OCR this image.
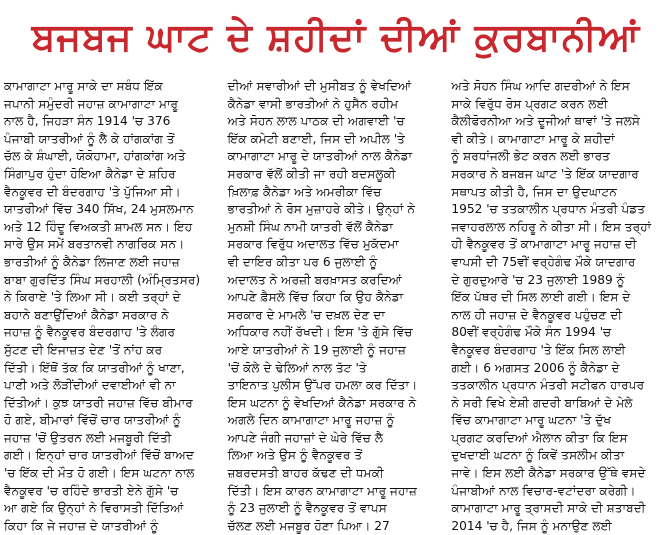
ਬਜਬਜ ਘਾਟ ਦੇ ਸ਼ਹੀਦਾਂ ਦੀਆਂ ਕੁਰਬਾਨੀਆਂ
ਕਾਮਾਗਾਟਾ ਮਾਰੂ ਸਾਕੇ ਦਾ ਸਬੰਧ ਇੱਕ
ਜਪਾਨੀ ਸਮੁੰਦਰੀ ਜਹਾਜ਼ ਕਾਮਾਗਾਟਾ ਮਾਰੂ
ਨਾਲ ਹੈ, ਜਿਹੜਾ ਸੰਨ 1914 'ਚ 376
ਪੰਜਾਬੀ ਯਾਤਰੀਆਂ ਨੂੰ ਲੈ ਕੇ ਹਾਂਗਕਾਂਗ ਤੋਂ
ਚੱਲ ਕੇ ਸ਼ੰਘਾਈ, ਯੋਕੋਹਾਮਾ, ਹਾਂਗਕਾਂਗ ਅਤੇ
ਸਿੰਗਾਪੁਰ ਹੁੰਦਾ ਹੋਇਆ ਕੈਨੇਡਾ ਦੇ ਸ਼ਹਿਰ
ਵੈਨਕੂਵਰ ਦੀ ਬੰਦਰਗਾਹ 'ਤੇ ਪੁੱਜਿਆ ਸੀ।
ਯਾਤਰੀਆਂ ਵਿੱਚ 340 ਸਿੱਖ, 24 ਮੁਸਲਮਾਨ
ਅਤੇ 12 ਹਿੰਦੂ ਵਿਅਕਤੀ ਸ਼ਾਮਲ ਸਨ। ਇਹ
ਸਾਰੇ ਉਸ ਸਮੇਂ ਬਰਤਾਨਵੀ ਨਾਗਰਿਕ ਸਨ।
ਭਾਰਤੀਆਂ ਨੂੰ ਕੈਨੇਡਾ ਲਿਜਾਣ ਲਈ ਜਹਾਜ਼
ਬਾਬਾ ਗੁਰਦਿੱਤ ਸਿੰਘ ਸਰਹਾਲੀ (ਅੰਮ੍ਰਿਤਸਰ)
ਨੇ ਕਿਰਾਏ 'ਤੇ ਲਿਆ ਸੀ। ਕਈ ਤਰ੍ਹਾਂ ਦੇ
ਬਹਾਨੇ ਬਣਾਉਂਦਿਆਂ ਕੈਨੇਡਾ ਸਰਕਾਰ ਨੇ
ਜਹਾਜ਼ ਨੂੰ ਵੈਨਕੂਵਰ ਬੰਦਰਗਾਹ 'ਤੇ ਲੰਗਰ
ਸੁੱਟਣ ਦੀ ਇਜਾਜ਼ਤ ਦੇਣ 'ਤੋਂ ਨਾਂਹ ਕਰ
ਦਿੱਤੀ। ਇੱਥੋਂ ਤੱਕ ਕਿ ਯਾਤਰੀਆਂ ਨੂੰ ਖਾਣਾ,
ਪਾਣੀ ਅਤੇ ਲੋੜੀਂਦੀਆਂ ਦਵਾਈਆਂ ਵੀ ਨਾ
ਦਿੱਤੀਆਂ। ਕੁਝ ਯਾਤਰੀ ਜਹਾਜ਼ ਵਿੱਚ ਬੀਮਾਰ
ਹੋ ਗਏ, ਬੀਮਾਰਾਂ ਵਿੱਚੋਂ ਚਾਰ ਯਾਤਰੀਆਂ ਨੂੰ
ਜਹਾਜ਼ 'ਚੋਂ ਉਤਰਨ ਲਈ ਮਜਬੂਰੀ ਦਿੱਤੀ
ਗਈ। ਇਨ੍ਹਾਂ ਚਾਰ ਯਾਤਰੀਆਂ ਵਿੱਚੋਂ ਬਾਅਦ
'ਚ ਇੱਕ ਦੀ ਮੌਤ ਹੋ ਗਈ। ਇਸ ਘਟਨਾ ਨਾਲ
ਵੈਨਕੂਵਰ 'ਚ ਰਹਿੰਦੇ ਭਾਰਤੀ ਏਨੇ ਗੁੱਸੇ 'ਚ
ਆ ਗਏ ਕਿ ਉਨ੍ਹਾਂ ਨੇ ਵਿਰਾਸਤੀ ਦਿੱਤਿਆਂ
ਕਿਹਾ ਕਿ ਜੇ ਜਹਾਜ਼ ਦੇ ਯਾਤਰੀਆਂ ਨੂੰ
ਦੀਆਂ ਸਵਾਰੀਆਂ ਦੀ ਮੁਸੀਬਤ ਨੂੰ ਵੇਖਦਿਆਂ
ਕੈਨੇਡਾ ਵਾਸੀ ਭਾਰਤੀਆਂ ਨੇ ਹੁਸੈਨ ਰਹੀਮ
ਅਤੇ ਸੋਹਨ ਲਾਲ ਪਾਠਕ ਦੀ ਅਗਵਾਈ 'ਚ
ਇੱਕ ਕਮੇਟੀ ਬਣਾਈ, ਜਿਸ ਦੀ ਅਪੀਲ 'ਤੇ
ਕਾਮਾਗਾਟਾ ਮਾਰੂ ਦੇ ਯਾਤਰੀਆਂ ਨਾਲ ਕੈਨੇਡਾ
ਸਰਕਾਰ ਵੱਲੋਂ ਕੀਤੀ ਜਾ ਰਹੀ ਬਦਸਲੂਕੀ
ਖ਼ਿਲਾਫ਼ ਕੈਨੇਡਾ ਅਤੇ ਅਮਰੀਕਾ ਵਿੱਚ
ਭਾਰਤੀਆਂ ਨੇ ਰੋਸ ਮੁਜ਼ਾਹਰੇ ਕੀਤੇ। ਉਨ੍ਹਾਂ ਨੇ
ਮੁਨਸ਼ੀ ਸਿੰਘ ਨਾਮੀ ਯਾਤਰੀ ਵੱਲੋਂ ਕੈਨੇਡਾ
ਸਰਕਾਰ ਵਿਰੁੱਧ ਅਦਾਲਤ ਵਿੱਚ ਮੁਕੱਦਮਾ
ਵੀ ਦਾਇਰ ਕੀਤਾ ਪਰ 6 ਜੁਲਾਈ ਨੂੰ
ਅਦਾਲਤ ਨੇ ਅਰਜ਼ੀ ਬਰਖ਼ਾਸਤ ਕਰਦਿਆਂ
ਆਪਣੇ ਫ਼ੈਸਲੇ ਵਿੱਚ ਕਿਹਾ ਕਿ ਉਹ ਕੈਨੇਡਾ
ਸਰਕਾਰ ਦੇ ਮਾਮਲੇ 'ਚ ਦਖ਼ਲ ਦੇਣ ਦਾ
ਅਧਿਕਾਰ ਨਹੀਂ ਰੱਖਦੀ। ਇਸ 'ਤੇ ਗੁੱਸੇ ਵਿੱਚ
ਆਏ ਯਾਤਰੀਆਂ ਨੇ 19 ਜੁਲਾਈ ਨੂੰ ਜਹਾਜ਼
'ਚੋਂ ਕੋਲੇ ਦੇ ਢੇਲਿਆਂ ਨਾਲ ਤੱਟ 'ਤੇ
ਤਾਇਨਾਤ ਪੁਲੀਸ ਉੱਪਰ ਹਮਲਾ ਕਰ ਦਿੱਤਾ।
ਇਸ ਘਟਨਾ ਨੂੰ ਵੇਖਦਿਆਂ ਕੈਨੇਡਾ ਸਰਕਾਰ ਨੇ
ਅਗਲੇ ਦਿਨ ਕਾਮਾਗਾਟਾ ਮਾਰੂ ਜਹਾਜ਼ ਨੂੰ
ਆਪਣੇ ਜੰਗੀ ਜਹਾਜ਼ਾਂ ਦੇ ਘੇਰੇ ਵਿੱਚ ਲੈ
ਲਿਆ ਅਤੇ ਉਸ ਨੂੰ ਵੈਨਕੂਵਰ ਤੋਂ
ਜ਼ਬਰਦਸਤੀ ਬਾਹਰ ਕੱਢਣ ਦੀ ਧਮਕੀ
ਦਿੱਤੀ। ਇਸ ਕਾਰਨ ਕਾਮਾਗਾਟਾ ਮਾਰੂ ਜਹਾਜ਼
ਨੂੰ 23 ਜੁਲਾਈ ਨੂੰ ਵੈਨਕੂਵਰ ਤੋਂ ਵਾਪਸ
ਚੱਲਣ ਲਈ ਮਜਬੂਰ ਹੋਣਾ ਪਿਆ। 27
ਅਤੇ ਸੋਹਨ ਸਿੰਘ ਆਦਿ ਗਦਰੀਆਂ ਨੇ ਇਸ
ਸਾਕੇ ਵਿਰੁੱਧ ਰੋਸ ਪ੍ਰਗਟ ਕਰਨ ਲਈ
ਕੈਲੀਫੋਰਨੀਆ ਅਤੇ ਦੂਜੀਆਂ ਥਾਵਾਂ 'ਤੇ ਜਲਸੇ
ਵੀ ਕੀਤੇ। ਕਾਮਾਗਾਟਾ ਮਾਰੂ ਕੇ ਸ਼ਹੀਦਾਂ
ਨੂੰ ਸ਼ਰਧਾਂਜਲੀ ਭੇਟ ਕਰਨ ਲਈ ਭਾਰਤ
ਸਰਕਾਰ ਨੇ ਬਜਬਜ ਘਾਟ 'ਤੇ ਇੱਕ ਯਾਦਗਾਰ
ਸਥਾਪਤ ਕੀਤੀ ਹੈ, ਜਿਸ ਦਾ ਉਦਘਾਟਨ
1952 'ਚ ਤਤਕਾਲੀਨ ਪ੍ਰਧਾਨ ਮੰਤਰੀ ਪੰਡਤ
ਜਵਾਹਰਲਾਲ ਨਹਿਰੂ ਨੇ ਕੀਤਾ ਸੀ। ਇਸ ਤਰ੍ਹਾਂ
ਹੀ ਵੈਨਕੂਵਰ ਤੋਂ ਕਾਮਾਗਾਟਾ ਮਾਰੂ ਜਹਾਜ਼ ਦੀ
ਵਾਪਸੀ ਦੀ 75ਵੀਂ ਵਰ੍ਹੇਗੰਢ ਮੌਕੇ ਯਾਦਗਾਰ
ਦੇ ਗੁਰਦੁਆਰੇ 'ਚ 23 ਜੁਲਾਈ 1989 ਨੂੰ
ਇੱਕ ਪੱਥਰ ਦੀ ਸਿਲ ਲਾਈ ਗਈ। ਇਸ ਦੇ
ਨਾਲ ਹੀ ਜਹਾਜ਼ ਦੇ ਵੈਨਕੂਵਰ ਪਹੁੰਚਣ ਦੀ
80ਵੀਂ ਵਰ੍ਹੇਗੰਢ ਮੌਕੇ ਸੰਨ 1994 'ਚ
ਵੈਨਕੂਵਰ ਬੰਦਰਗਾਹ 'ਤੇ ਇੱਕ ਸਿਲ ਲਾਈ
ਗਈ। 6 ਅਗਸਤ 2006 ਨੂੰ ਕੈਨੇਡਾ ਦੇ
ਤਤਕਾਲੀਨ ਪ੍ਰਧਾਨ ਮੰਤਰੀ ਸਟੀਫਨ ਹਾਰਪਰ
ਨੇ ਸਰੀ ਵਿਖੇ ਏਸ਼ੀ ਗਦਰੀ ਬਾਬਿਆਂ ਦੇ ਮੇਲੇ
ਵਿੱਚ ਕਾਮਾਗਾਟਾ ਮਾਰੂ ਘਟਨਾ 'ਤੇ ਦੁੱਖ
ਪ੍ਰਗਟ ਕਰਦਿਆਂ ਐਲਾਨ ਕੀਤਾ ਕਿ ਇਸ
ਦੁਖਦਾਈ ਘਟਨਾ ਨੂੰ ਕਿਵੇਂ ਤਸਲੀਮ ਕੀਤਾ
ਜਾਵੇ। ਇਸ ਲਈ ਕੈਨੇਡਾ ਸਰਕਾਰ ਉੱਥੇ ਵਸਦੇ
ਪੰਜਾਬੀਆਂ ਨਾਲ ਵਿਚਾਰ-ਵਟਾਂਦਰਾ ਕਰੇਗੀ।
ਕਾਮਾਗਾਟਾ ਮਾਰੂ ਤ੍ਰਾਸਦੀ ਸਾਕੇ ਦੀ ਸ਼ਤਾਬਦੀ
2014 'ਚ ਹੈ, ਜਿਸ ਨੂੰ ਮਨਾਉਣ ਲਈ
